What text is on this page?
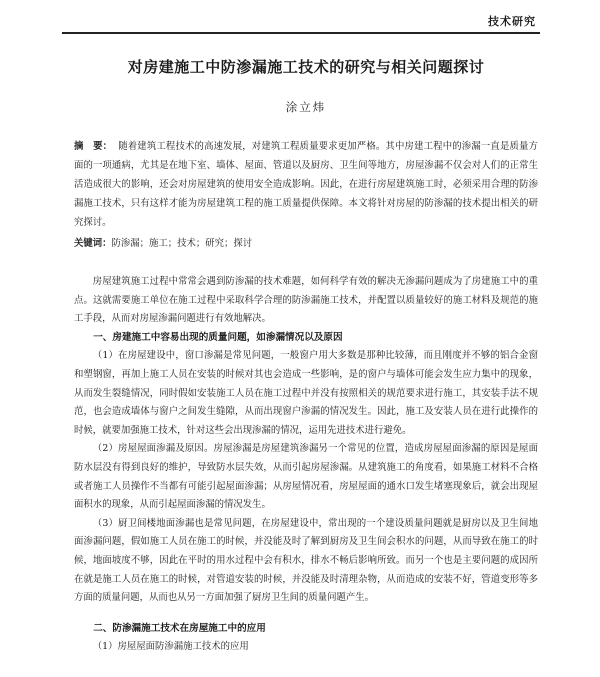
技术研究
对房建施工中防渗漏施工技术的研究与相关问题探讨
涂立炜
摘　要： 随着建筑工程技术的高速发展，对建筑工程质量要求更加严格。其中房建工程中的渗漏一直是质量方面的一项通病，尤其是在地下室、墙体、屋面、管道以及厨房、卫生间等地方，房屋渗漏不仅会对人们的正常生活造成很大的影响，还会对房屋建筑的使用安全造成影响。因此，在进行房屋建筑施工时，必须采用合理的防渗漏施工技术，只有这样才能为房屋建筑工程的施工质量提供保障。本文将针对房屋的防渗漏的技术提出相关的研究探讨。
关键词：防渗漏；施工；技术；研究；探讨

房屋建筑施工过程中常常会遇到防渗漏的技术难题，如何科学有效的解决无渗漏问题成为了房建施工中的重点。这就需要施工单位在施工过程中采取科学合理的防渗漏施工技术，并配置以质量较好的施工材料及规范的施工手段，从而对房屋渗漏问题进行有效地解决。

一、房建施工中容易出现的质量问题，如渗漏情况以及原因

（1）在房屋建设中，窗口渗漏是常见问题，一般窗户用大多数是那种比较薄，而且刚度并不够的铝合金窗和塑钢窗，再加上施工人员在安装的时候对其也会造成一些影响，是的窗户与墙体可能会发生应力集中的现象，从而发生裂缝情况，同时假如安装施工人员在施工过程中并没有按照相关的规范要求进行施工，其安装手法不规范，也会造成墙体与窗户之间发生缝隙，从而出现窗户渗漏的情况发生。因此，施工及安装人员在进行此操作的时候，就要加强施工技术，针对这些会出现渗漏的情况，运用先进技术进行避免。

（2）房屋屋面渗漏及原因。房屋渗漏是房屋建筑渗漏另一个常见的位置，造成房屋屋面渗漏的原因是屋面防水层没有得到良好的维护，导致防水层失效，从而引起房屋渗漏。从建筑施工的角度看，如果施工材料不合格或者施工人员操作不当都有可能引起屋面渗漏；从房屋情况看，房屋屋面的通水口发生堵塞现象后，就会出现屋面积水的现象，从而引起屋面渗漏的情况发生。

（3）厨卫间楼地面渗漏也是常见问题，在房屋建设中，常出现的一个建设质量问题就是厨房以及卫生间地面渗漏问题，假如施工人员在施工的时候，并没能及时了解到厨房及卫生间会积水的问题，从而导致在施工的时候，地面坡度不够，因此在平时的用水过程中会有积水，排水不畅后影响所致。而另一个也是主要问题的成因所在就是施工人员在施工的时候，对管道安装的时候，并没能及时清理杂物，从而造成的安装不好，管道变形等多方面的质量问题，从而也从另一方面加强了厨房卫生间的质量问题产生。

二、防渗漏施工技术在房屋施工中的应用

（1）房屋屋面防渗漏施工技术的应用
